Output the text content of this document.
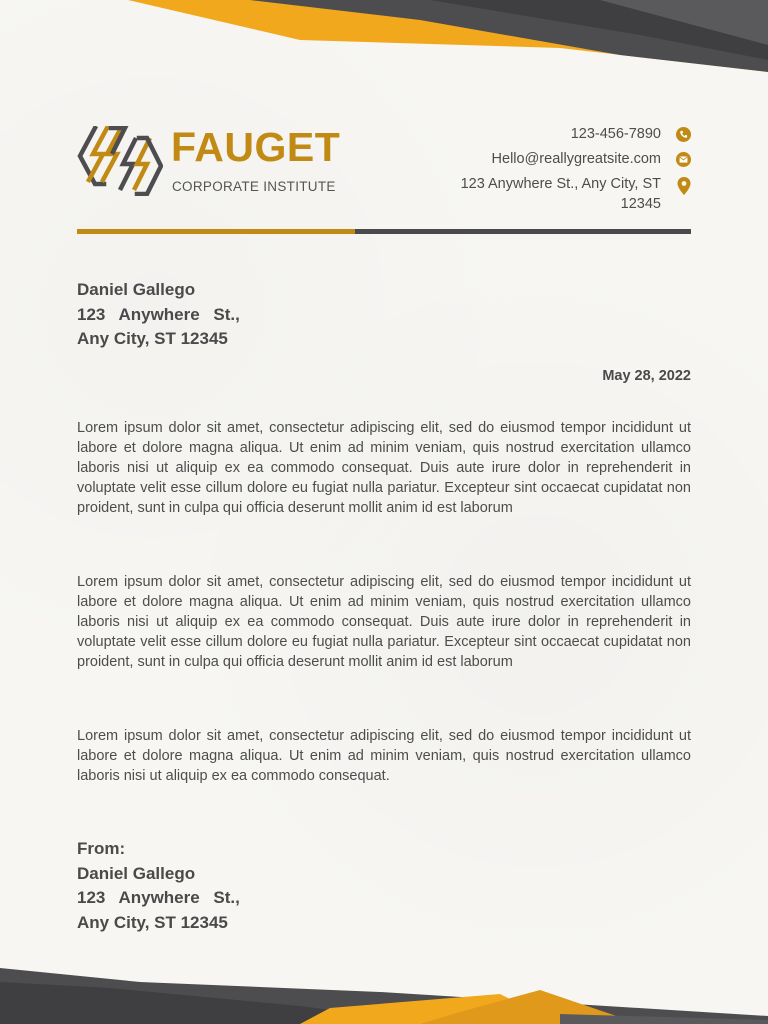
FAUGET
CORPORATE INSTITUTE
123-456-7890
Hello@reallygreatsite.com
123 Anywhere St., Any City, ST
12345
Daniel Gallego
123 Anywhere St.,
Any City, ST 12345
May 28, 2022

Lorem ipsum dolor sit amet, consectetur adipiscing elit, sed do eiusmod tempor incididunt ut labore et dolore magna aliqua. Ut enim ad minim veniam, quis nostrud exercitation ullamco laboris nisi ut aliquip ex ea commodo consequat. Duis aute irure dolor in reprehenderit in voluptate velit esse cillum dolore eu fugiat nulla pariatur. Excepteur sint occaecat cupidatat non proident, sunt in culpa qui officia deserunt mollit anim id est laborum

Lorem ipsum dolor sit amet, consectetur adipiscing elit, sed do eiusmod tempor incididunt ut labore et dolore magna aliqua. Ut enim ad minim veniam, quis nostrud exercitation ullamco laboris nisi ut aliquip ex ea commodo consequat. Duis aute irure dolor in reprehenderit in voluptate velit esse cillum dolore eu fugiat nulla pariatur. Excepteur sint occaecat cupidatat non proident, sunt in culpa qui officia deserunt mollit anim id est laborum

Lorem ipsum dolor sit amet, consectetur adipiscing elit, sed do eiusmod tempor incididunt ut labore et dolore magna aliqua. Ut enim ad minim veniam, quis nostrud exercitation ullamco laboris nisi ut aliquip ex ea commodo consequat.

From:
Daniel Gallego
123 Anywhere St.,
Any City, ST 12345
